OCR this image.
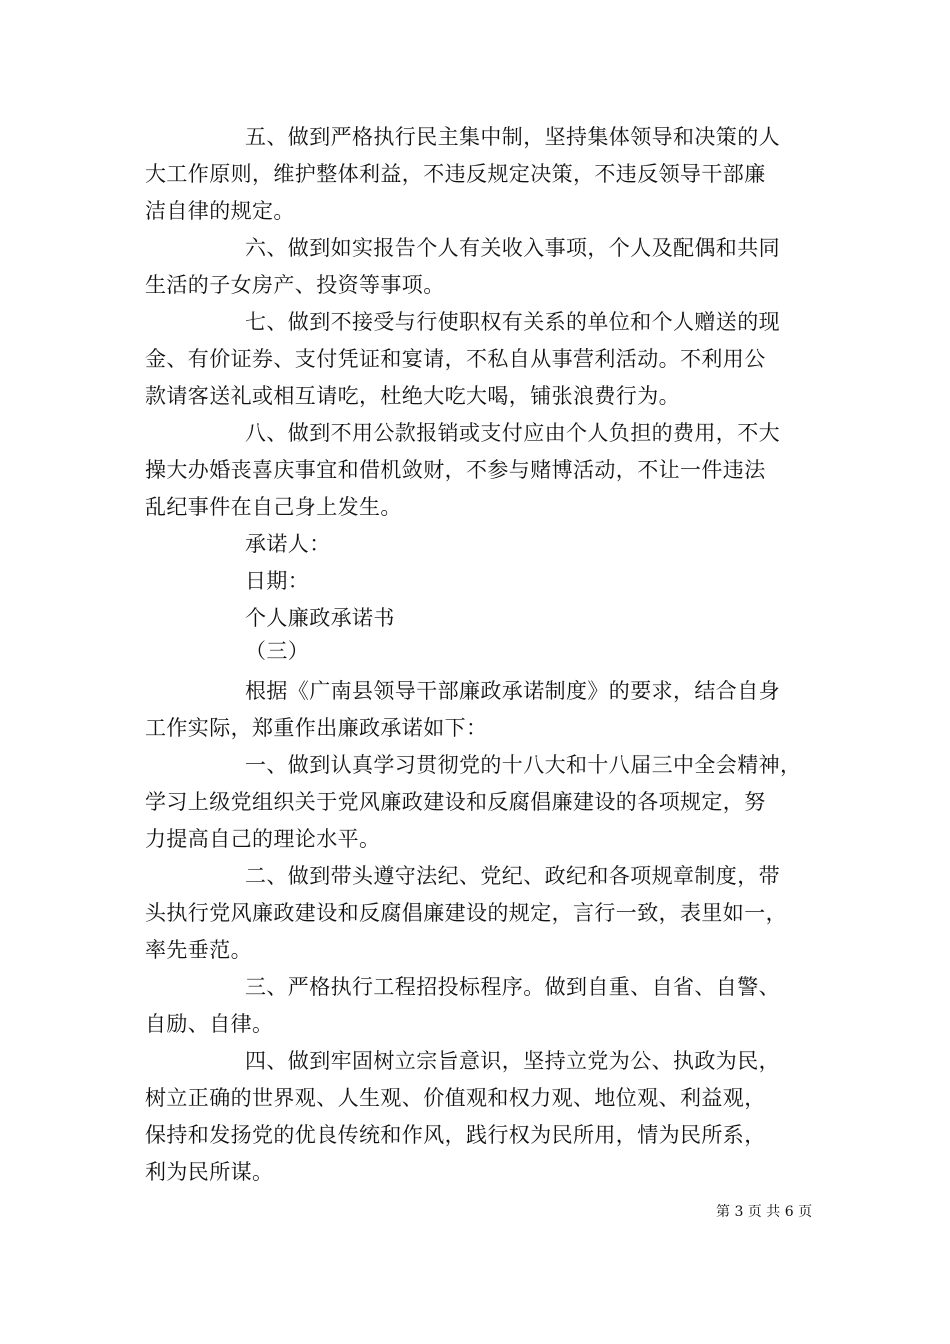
五、做到严格执行民主集中制，坚持集体领导和决策的人
大工作原则，维护整体利益，不违反规定决策，不违反领导干部廉
洁自律的规定。
六、做到如实报告个人有关收入事项，个人及配偶和共同
生活的子女房产、投资等事项。
七、做到不接受与行使职权有关系的单位和个人赠送的现
金、有价证券、支付凭证和宴请，不私自从事营利活动。不利用公
款请客送礼或相互请吃，杜绝大吃大喝，铺张浪费行为。
八、做到不用公款报销或支付应由个人负担的费用，不大
操大办婚丧喜庆事宜和借机敛财，不参与赌博活动，不让一件违法
乱纪事件在自己身上发生。
承诺人：
日期：
个人廉政承诺书
（三）
根据《广南县领导干部廉政承诺制度》的要求，结合自身
工作实际，郑重作出廉政承诺如下：
一、做到认真学习贯彻党的十八大和十八届三中全会精神，
学习上级党组织关于党风廉政建设和反腐倡廉建设的各项规定，努
力提高自己的理论水平。
二、做到带头遵守法纪、党纪、政纪和各项规章制度，带
头执行党风廉政建设和反腐倡廉建设的规定，言行一致，表里如一，
率先垂范。
三、严格执行工程招投标程序。做到自重、自省、自警、
自励、自律。
四、做到牢固树立宗旨意识，坚持立党为公、执政为民，
树立正确的世界观、人生观、价值观和权力观、地位观、利益观，
保持和发扬党的优良传统和作风，践行权为民所用，情为民所系，
利为民所谋。
第 3 页 共 6 页
